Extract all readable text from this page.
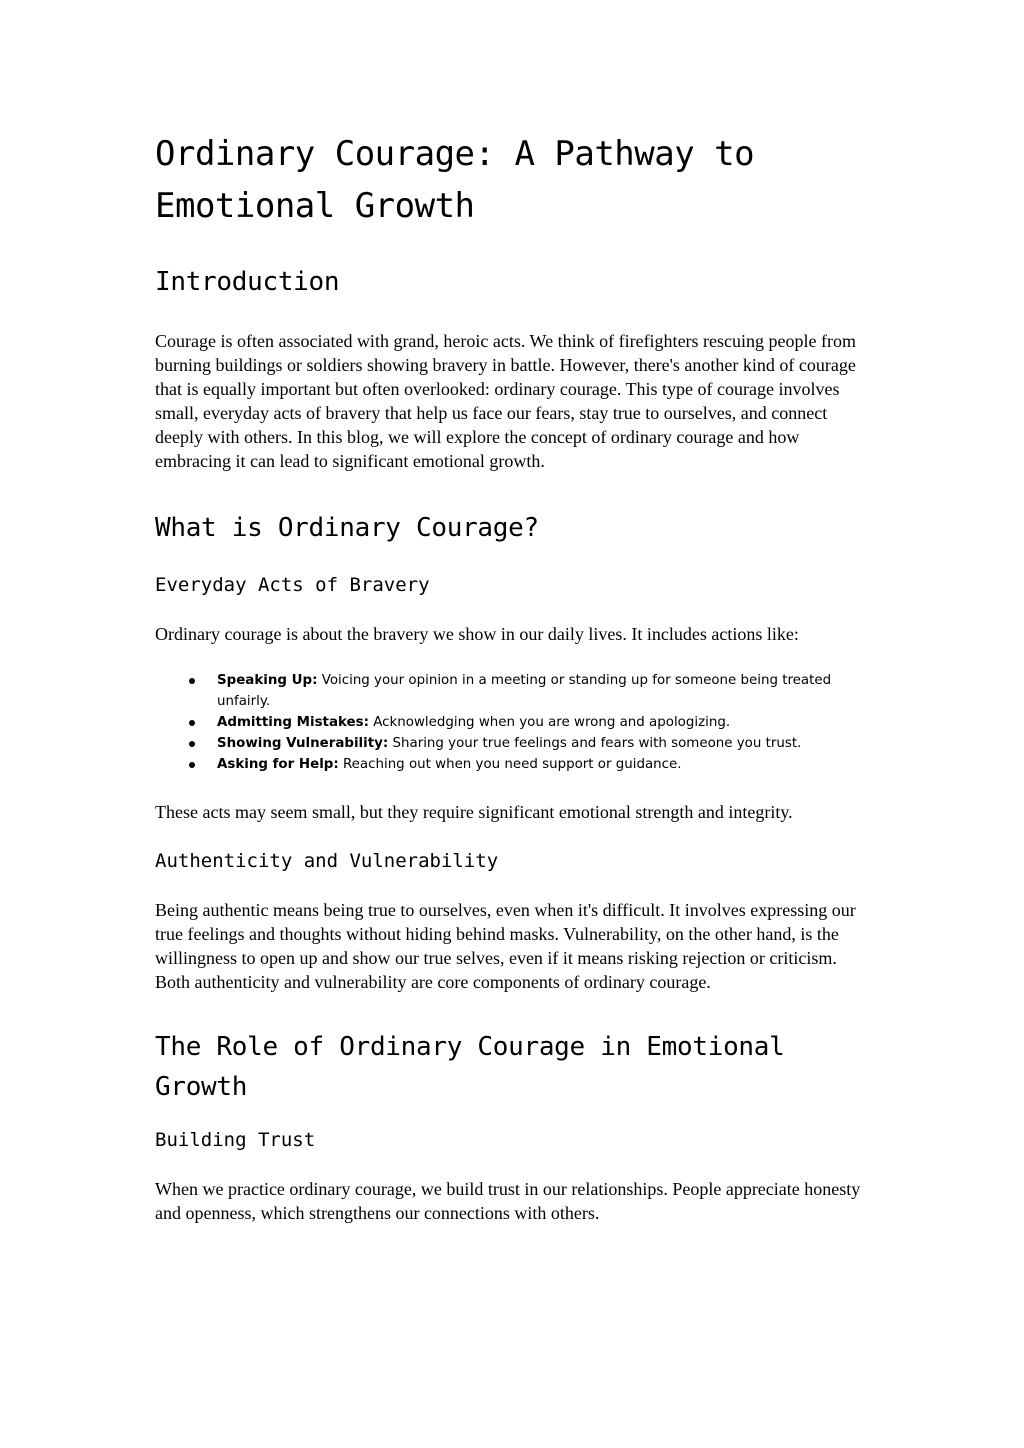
Ordinary Courage: A Pathway to Emotional Growth
Introduction

Courage is often associated with grand, heroic acts. We think of firefighters rescuing people from burning buildings or soldiers showing bravery in battle. However, there's another kind of courage that is equally important but often overlooked: ordinary courage. This type of courage involves small, everyday acts of bravery that help us face our fears, stay true to ourselves, and connect deeply with others. In this blog, we will explore the concept of ordinary courage and how embracing it can lead to significant emotional growth.

What is Ordinary Courage?
Everyday Acts of Bravery

Ordinary courage is about the bravery we show in our daily lives. It includes actions like:

Speaking Up: Voicing your opinion in a meeting or standing up for someone being treated unfairly.
Admitting Mistakes: Acknowledging when you are wrong and apologizing.
Showing Vulnerability: Sharing your true feelings and fears with someone you trust.
Asking for Help: Reaching out when you need support or guidance.

These acts may seem small, but they require significant emotional strength and integrity.

Authenticity and Vulnerability

Being authentic means being true to ourselves, even when it's difficult. It involves expressing our true feelings and thoughts without hiding behind masks. Vulnerability, on the other hand, is the willingness to open up and show our true selves, even if it means risking rejection or criticism. Both authenticity and vulnerability are core components of ordinary courage.

The Role of Ordinary Courage in Emotional Growth
Building Trust

When we practice ordinary courage, we build trust in our relationships. People appreciate honesty and openness, which strengthens our connections with others.
